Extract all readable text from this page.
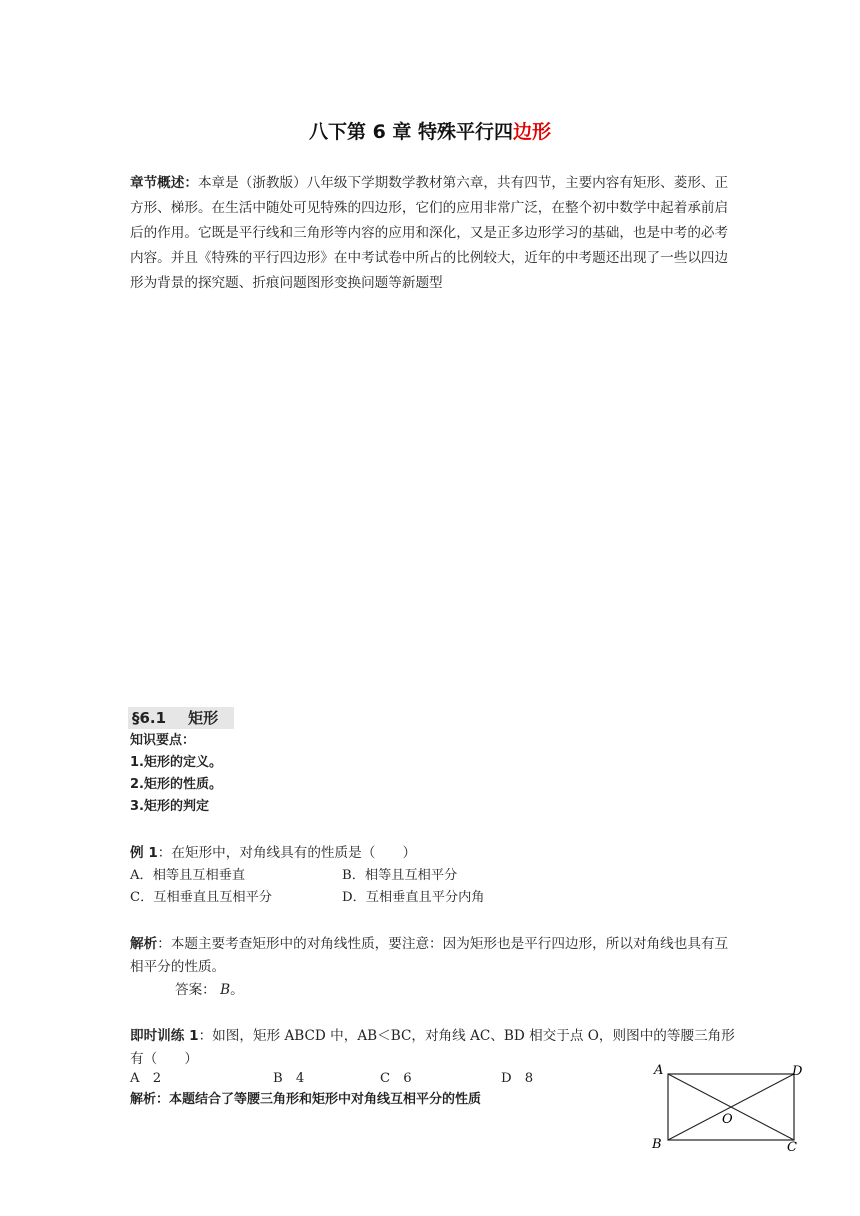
八下第 6 章 特殊平行四边形
章节概述：本章是（浙教版）八年级下学期数学教材第六章，共有四节，主要内容有矩形、菱形、正方形、梯形。在生活中随处可见特殊的四边形，它们的应用非常广泛，在整个初中数学中起着承前启后的作用。它既是平行线和三角形等内容的应用和深化，又是正多边形学习的基础，也是中考的必考内容。并且《特殊的平行四边形》在中考试卷中所占的比例较大，近年的中考题还出现了一些以四边形为背景的探究题、折痕问题图形变换问题等新题型
§6.1 矩形
知识要点：
1.矩形的定义。
2.矩形的性质。
3.矩形的判定
例 1：在矩形中，对角线具有的性质是（　　）
A．相等且互相垂直	B．相等且互相平分
C．互相垂直且互相平分	D．互相垂直且平分内角
解析：本题主要考查矩形中的对角线性质，要注意：因为矩形也是平行四边形，所以对角线也具有互相平分的性质。
答案： B。
即时训练 1：如图，矩形 ABCD 中，AB＜BC，对角线 AC、BD 相交于点 O，则图中的等腰三角形有（　　）
A　2	B　4	C　6	D　8
解析：本题结合了等腰三角形和矩形中对角线互相平分的性质
A	D
B	C
O
